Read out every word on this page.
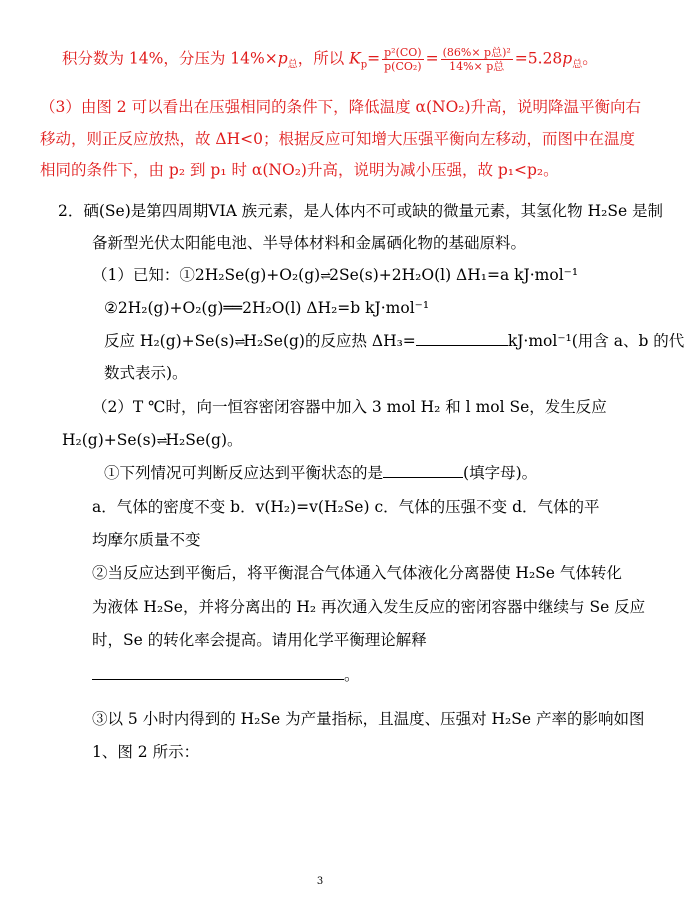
积分数为 14%，分压为 $14\%\times p_总$，所以 $K_p= \frac{\text{p²(CO)}}{\text{p(CO₂)}} = \frac{\text{(86\%× p总)²}}{\text{14\%× p总}} =5.28p_总$。
（3）由图 2 可以看出在压强相同的条件下，降低温度 α(NO₂)升高，说明降温平衡向右
移动，则正反应放热，故 ΔH<0；根据反应可知增大压强平衡向左移动，而图中在温度
相同的条件下，由 p₂ 到 p₁ 时 α(NO₂)升高，说明为减小压强，故 p₁<p₂。
2．硒(Se)是第四周期VIA 族元素，是人体内不可或缺的微量元素，其氢化物 H₂Se 是制
备新型光伏太阳能电池、半导体材料和金属硒化物的基础原料。
（1）已知：①2H₂Se(g)+O₂(g)⇌2Se(s)+2H₂O(l) ΔH₁=a kJ·mol⁻¹
②2H₂(g)+O₂(g)══2H₂O(l) ΔH₂=b kJ·mol⁻¹
反应 H₂(g)+Se(s)⇌H₂Se(g)的反应热 ΔH₃=	kJ·mol⁻¹(用含 a、b 的代
数式表示)。
（2）T ℃时，向一恒容密闭容器中加入 3 mol H₂ 和 l mol Se，发生反应
H₂(g)+Se(s)⇌H₂Se(g)。
①下列情况可判断反应达到平衡状态的是	(填字母)。
a．气体的密度不变 b．v(H₂)=v(H₂Se) c．气体的压强不变 d．气体的平
均摩尔质量不变
②当反应达到平衡后，将平衡混合气体通入气体液化分离器使 H₂Se 气体转化
为液体 H₂Se，并将分离出的 H₂ 再次通入发生反应的密闭容器中继续与 Se 反应
时，Se 的转化率会提高。请用化学平衡理论解释
。
③以 5 小时内得到的 H₂Se 为产量指标，且温度、压强对 H₂Se 产率的影响如图
1、图 2 所示：
3
